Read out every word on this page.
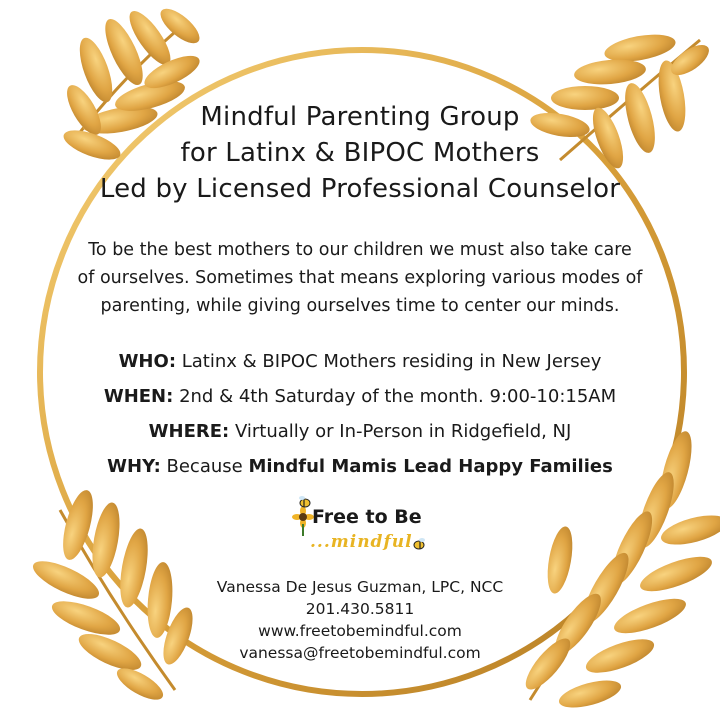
Mindful Parenting Group
for Latinx & BIPOC Mothers
Led by Licensed Professional Counselor
To be the best mothers to our children we must also take care
of ourselves. Sometimes that means exploring various modes of
parenting, while giving ourselves time to center our minds.
WHO: Latinx & BIPOC Mothers residing in New Jersey
WHEN: 2nd & 4th Saturday of the month. 9:00-10:15AM
WHERE: Virtually or In-Person in Ridgefield, NJ
WHY: Because Mindful Mamis Lead Happy Families
Free to Be
...mindful
Vanessa De Jesus Guzman, LPC, NCC
201.430.5811
www.freetobemindful.com
vanessa@freetobemindful.com
